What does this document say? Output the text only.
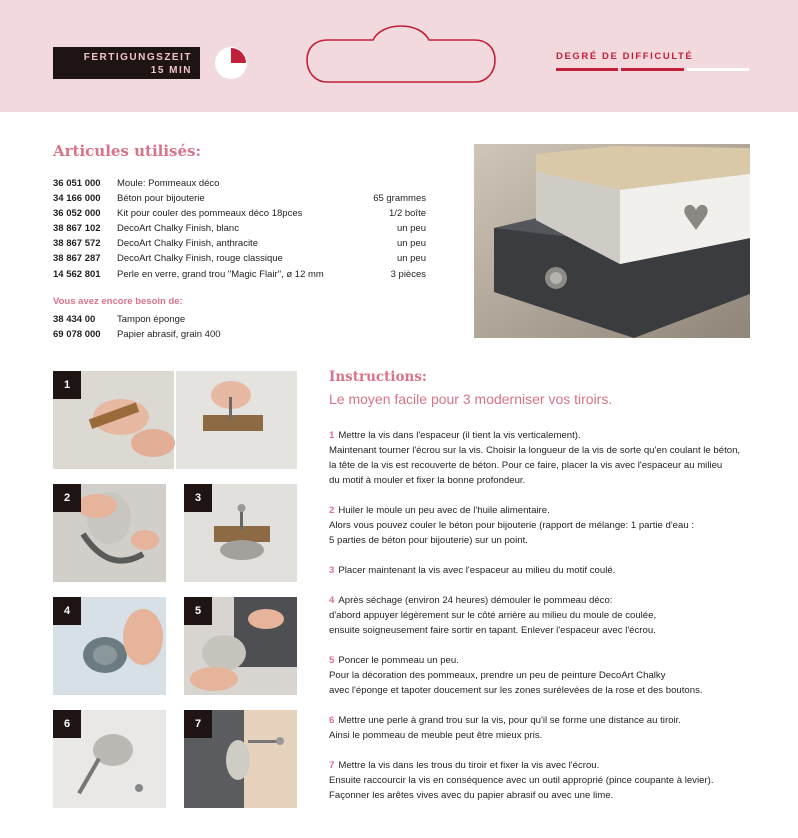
FERTIGUNGSZEIT
15 MIN
DEGRÉ DE DIFFICULTÉ
Articules utilisés:
36 051 000	Moule: Pommeaux déco
34 166 000	Béton pour bijouterie	65 grammes
36 052 000	Kit pour couler des pommeaux déco 18pces	1/2 boîte
38 867 102	DecoArt Chalky Finish, blanc	un peu
38 867 572	DecoArt Chalky Finish, anthracite	un peu
38 867 287	DecoArt Chalky Finish, rouge classique	un peu
14 562 801	Perle en verre, grand trou "Magic Flair", ø 12 mm	3 pièces
Vous avez encore besoin de:
38 434 00	Tampon éponge
69 078 000	Papier abrasif, grain 400
1
2	3
4	5
6	7
Instructions:
Le moyen facile pour 3 moderniser vos tiroirs.
1 Mettre la vis dans l'espaceur (il tient la vis verticalement).
Maintenant tourner l'écrou sur la vis. Choisir la longueur de la vis de sorte qu'en coulant le béton,
la tête de la vis est recouverte de béton. Pour ce faire, placer la vis avec l'espaceur au milieu
du motif à mouler et fixer la bonne profondeur.
2 Huiler le moule un peu avec de l'huile alimentaire.
Alors vous pouvez couler le béton pour bijouterie (rapport de mélange: 1 partie d'eau :
5 parties de béton pour bijouterie) sur un point.
3 Placer maintenant la vis avec l'espaceur au milieu du motif coulé.
4 Après séchage (environ 24 heures) démouler le pommeau déco:
d'abord appuyer légèrement sur le côté arrière au milieu du moule de coulée,
ensuite soigneusement faire sortir en tapant. Enlever l'espaceur avec l'écrou.
5 Poncer le pommeau un peu.
Pour la décoration des pommeaux, prendre un peu de peinture DecoArt Chalky
avec l'éponge et tapoter doucement sur les zones surélevées de la rose et des boutons.
6 Mettre une perle à grand trou sur la vis, pour qu'il se forme une distance au tiroir.
Ainsi le pommeau de meuble peut être mieux pris.
7 Mettre la vis dans les trous du tiroir et fixer la vis avec l'écrou.
Ensuite raccourcir la vis en conséquence avec un outil approprié (pince coupante à levier).
Façonner les arêtes vives avec du papier abrasif ou avec une lime.
